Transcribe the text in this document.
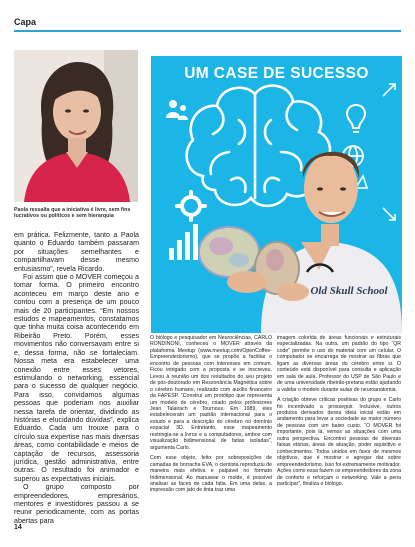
Capa
Paola ressalta que a iniciativa é livre, sem fins lucrativos ou políticos e sem hierarquia

em prática. Felizmente, tanto a Paola quanto o Eduardo também passaram por situações semelhantes e compartilhavam desse mesmo entusiasmo”, revela Ricardo.

Foi assim que o MOVER começou a tomar forma. O primeiro encontro aconteceu em março deste ano e contou com a presença de um pouco mais de 20 participantes. “Em nossos estudos e mapeamentos, constatamos que tinha muita coisa acontecendo em Ribeirão Preto. Porém, esses movimentos não conversavam entre si e, dessa forma, não se fortaleciam. Nossa meta era estabelecer uma conexão entre esses vetores, estimulando o networking, essencial para o sucesso de qualquer negócio. Para isso, convidamos algumas pessoas que poderiam nos auxiliar nessa tarefa de orientar, dividindo as histórias e elucidando dúvidas”, explica Eduardo. Cada um trouxe para o círculo sua expertise nas mais diversas áreas, como contabilidade e meios de captação de recursos, assessoria jurídica, gestão administrativa, entre outras. O resultado foi animador e superou as expectativas iniciais.

O grupo composto por empreendedores, empresários, mentores e investidores passou a se reunir periodicamente, com as portas abertas para

Old Skull School
UM CASE DE SUCESSO

O biólogo e pesquisador em Neurociências, CARLO RONDINONI, conheceu o MOVER através da plataforma Meetup (www.meetup.com/OpenCoffee-Empreendedorismo), que se propõe a facilitar o encontro de pessoas com interesses em comum. Ficou intrigado com a proposta e se inscreveu. Levou à reunião um dos resultados do seu projeto de pós-doutorado em Ressonância Magnética sobre o cérebro humano, realizado com auxílio financeiro da FAPESP. “Construí um protótipo que representa um modelo de cérebro, criado pelos professores Jean Talairach e Tournoux. Em 1989, eles estabeleceram um padrão internacional para o estudo e para a descrição do cérebro no domínio espacial 3D. Entretanto, esse mapeamento restringia-se a livros e a computadores, ambos com visualização bidimensional de fatias isoladas”, argumenta Carlo.

Com esse objeto, feito por sobreposições de camadas de borracha EVA, o cientista reproduziu de maneira mais efetiva e palpável no formato tridimensional. Ao manusear o molde, é possível analisar as faces de cada fatia. Em uma delas, a impressão com jato de tinta traz uma

imagem colorida de áreas funcionais e estruturais especializadas. Na outra, um padrão do tipo “QR code” permite o uso do material com um celular. O computador se encarrega de mostrar as fibras que ligam as diversas áreas do cérebro entre si. O conteúdo está disponível para consulta e aplicação em sala de aula. Professor do USP de São Paulo e de uma universidade ribeirão-pretana estão ajudando a validar o modelo durante aulas de neuroanatomia.

A criação obteve críticas positivas do grupo e Carlo foi incentivado a prosseguir. Inclusive, outros produtos derivados dessa ideia inicial estão em andamento para levar a sociedade ao maior número de pessoas com um baixo custo. “O MOVER foi importante, pois lá, vemos as situações com uma outra perspectiva. Encontrei pessoas de diversas faixas etárias, áreas de atuação, poder aquisitivo e conhecimentos. Todos unidos em favor de mesmos objetivos, que é mostrar e agregar dar sobre empreendedorismo. Isso foi extremamente motivador. Ações como essa fazem os empreendedores da zona de conforto e reforçam o networking. Vale a pena participar”, finaliza o biólogo.

14
